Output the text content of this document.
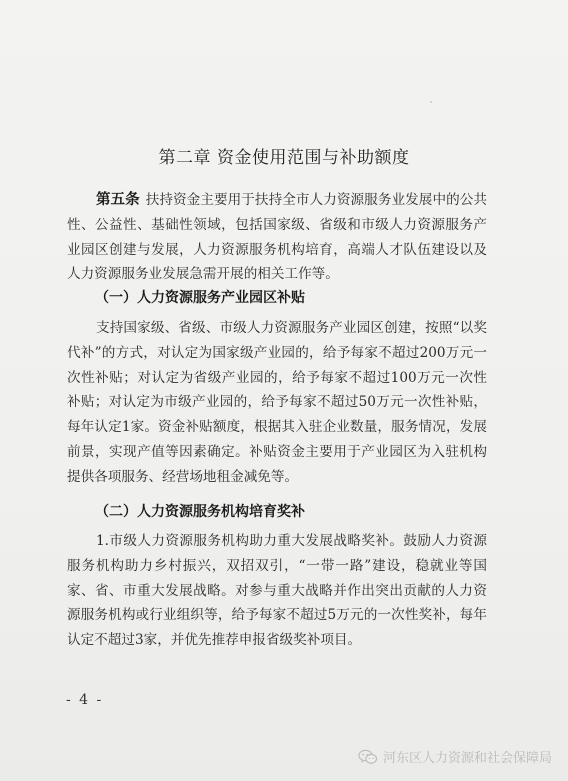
第二章 资金使用范围与补助额度
第五条 扶持资金主要用于扶持全市人力资源服务业发展中的公共性、公益性、基础性领域，包括国家级、省级和市级人力资源服务产业园区创建与发展，人力资源服务机构培育，高端人才队伍建设以及人力资源服务业发展急需开展的相关工作等。
（一）人力资源服务产业园区补贴
支持国家级、省级、市级人力资源服务产业园区创建，按照“以奖代补”的方式，对认定为国家级产业园的，给予每家不超过200万元一次性补贴；对认定为省级产业园的，给予每家不超过100万元一次性补贴；对认定为市级产业园的，给予每家不超过50万元一次性补贴，每年认定1家。资金补贴额度，根据其入驻企业数量，服务情况，发展前景，实现产值等因素确定。补贴资金主要用于产业园区为入驻机构提供各项服务、经营场地租金减免等。
（二）人力资源服务机构培育奖补
1.市级人力资源服务机构助力重大发展战略奖补。鼓励人力资源服务机构助力乡村振兴，双招双引，“一带一路”建设，稳就业等国家、省、市重大发展战略。对参与重大战略并作出突出贡献的人力资源服务机构或行业组织等，给予每家不超过5万元的一次性奖补，每年认定不超过3家，并优先推荐申报省级奖补项目。
- 4 -
河东区人力资源和社会保障局
